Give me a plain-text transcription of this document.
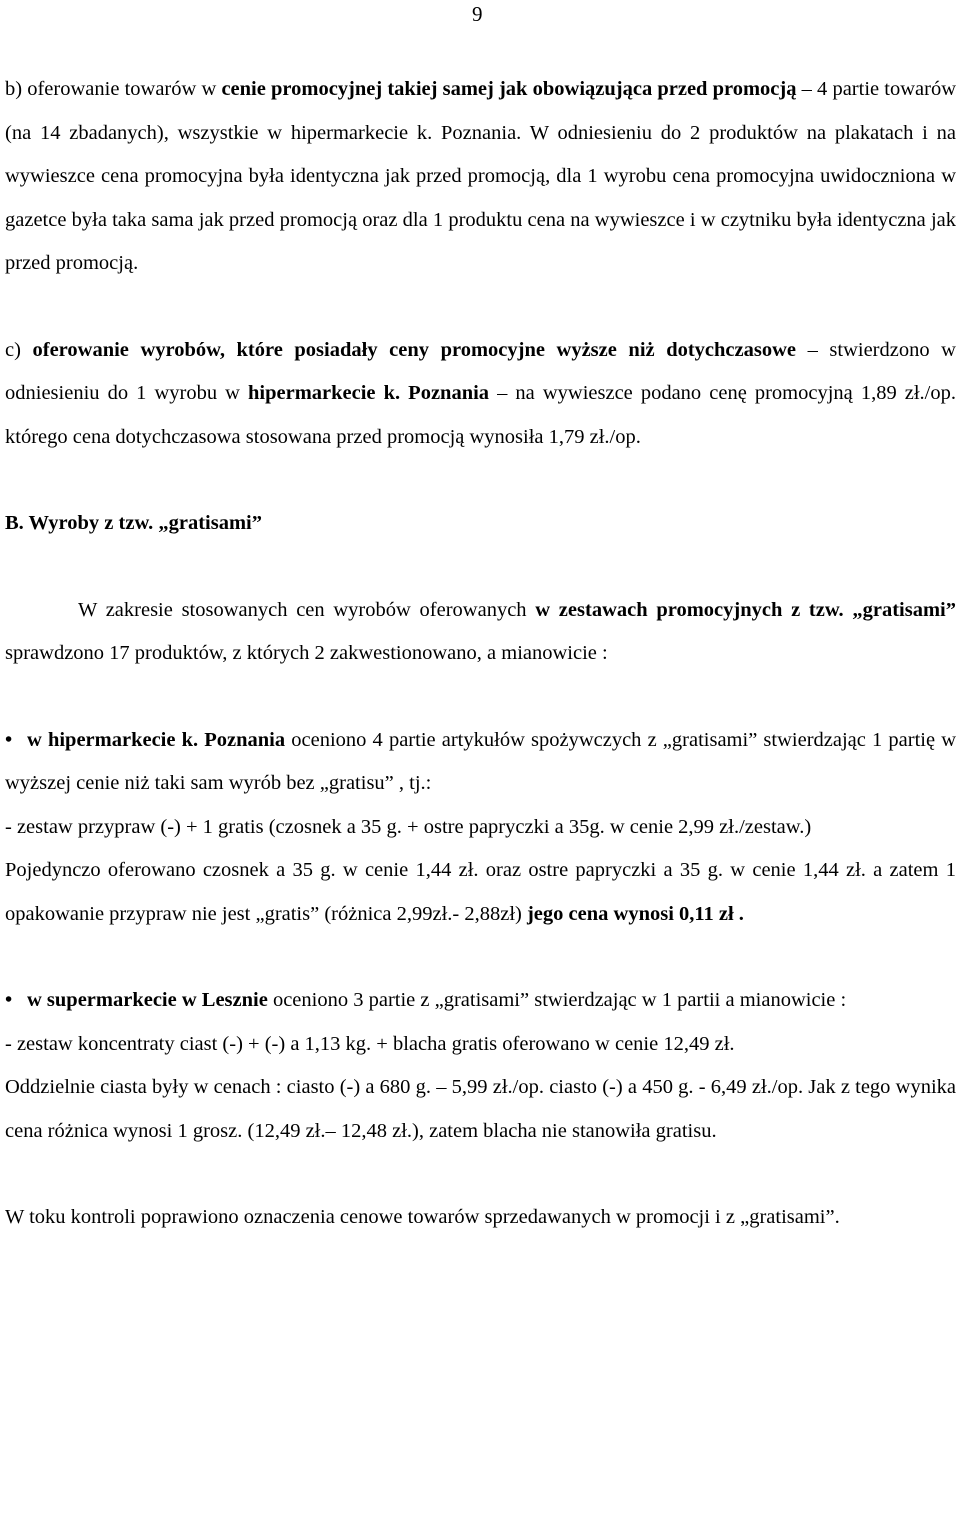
9

b) oferowanie towarów w cenie promocyjnej takiej samej jak obowiązująca przed promocją – 4 partie towarów (na 14 zbadanych), wszystkie w hipermarkecie k. Poznania. W odniesieniu do 2 produktów na plakatach i na wywieszce cena promocyjna była identyczna jak przed promocją, dla 1 wyrobu cena promocyjna uwidoczniona w gazetce była taka sama jak przed promocją oraz dla 1 produktu cena na wywieszce i w czytniku była identyczna jak przed promocją.

c) oferowanie wyrobów, które posiadały ceny promocyjne wyższe niż dotychczasowe – stwierdzono w odniesieniu do 1 wyrobu w hipermarkecie k. Poznania – na wywieszce podano cenę promocyjną 1,89 zł./op. którego cena dotychczasowa stosowana przed promocją wynosiła 1,79 zł./op.

B. Wyroby z tzw. „gratisami”

W zakresie stosowanych cen wyrobów oferowanych w zestawach promocyjnych z tzw. „gratisami” sprawdzono 17 produktów, z których 2 zakwestionowano, a mianowicie :

• w hipermarkecie k. Poznania oceniono 4 partie artykułów spożywczych z „gratisami” stwierdzając 1 partię w wyższej cenie niż taki sam wyrób bez „gratisu” , tj.:

- zestaw przypraw (-) + 1 gratis (czosnek a 35 g. + ostre papryczki a 35g. w cenie 2,99 zł./zestaw.)

Pojedynczo oferowano czosnek a 35 g. w cenie 1,44 zł. oraz ostre papryczki a 35 g. w cenie 1,44 zł. a zatem 1 opakowanie przypraw nie jest „gratis” (różnica 2,99zł.- 2,88zł) jego cena wynosi 0,11 zł .

• w supermarkecie w Lesznie oceniono 3 partie z „gratisami” stwierdzając w 1 partii a mianowicie :

- zestaw koncentraty ciast (-) + (-) a 1,13 kg. + blacha gratis oferowano w cenie 12,49 zł.

Oddzielnie ciasta były w cenach : ciasto (-) a 680 g. – 5,99 zł./op. ciasto (-) a 450 g. - 6,49 zł./op. Jak z tego wynika cena różnica wynosi 1 grosz. (12,49 zł.– 12,48 zł.), zatem blacha nie stanowiła gratisu.

W toku kontroli poprawiono oznaczenia cenowe towarów sprzedawanych w promocji i z „gratisami”.
